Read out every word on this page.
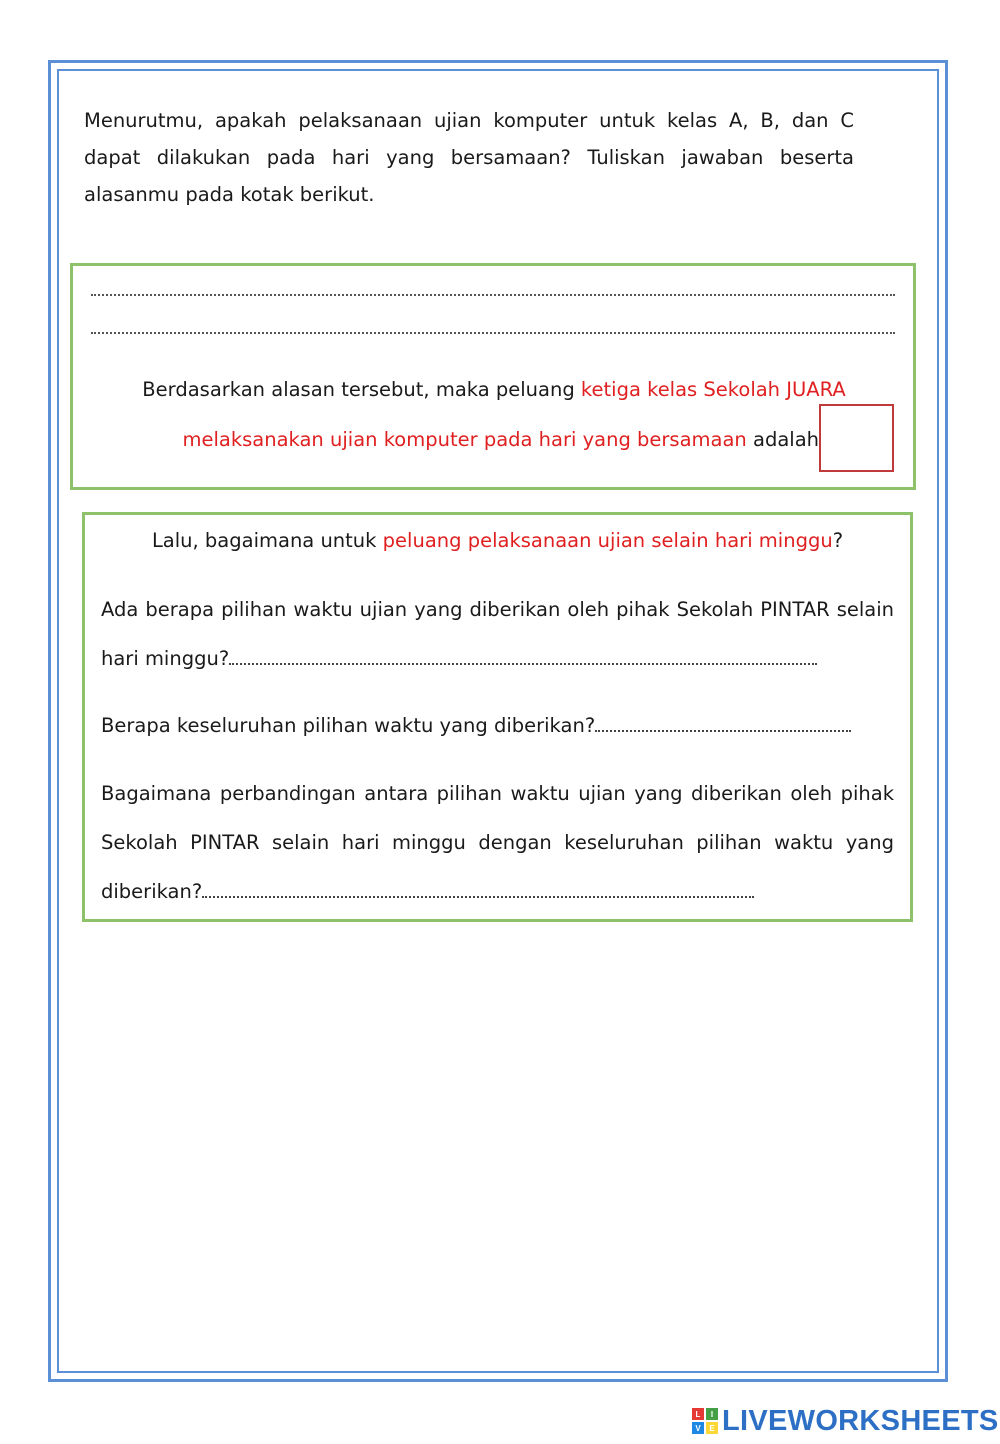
Menurutmu, apakah pelaksanaan ujian komputer untuk kelas A, B, dan C dapat dilakukan pada hari yang bersamaan? Tuliskan jawaban beserta alasanmu pada kotak berikut.

Berdasarkan alasan tersebut, maka peluang ketiga kelas Sekolah JUARA
melaksanakan ujian komputer pada hari yang bersamaan adalah
Lalu, bagaimana untuk peluang pelaksanaan ujian selain hari minggu?

Ada berapa pilihan waktu ujian yang diberikan oleh pihak Sekolah PINTAR selain hari minggu?

Berapa keseluruhan pilihan waktu yang diberikan?

Bagaimana perbandingan antara pilihan waktu ujian yang diberikan oleh pihak Sekolah PINTAR selain hari minggu dengan keseluruhan pilihan waktu yang diberikan?

L	I
V	E LIVEWORKSHEETS
